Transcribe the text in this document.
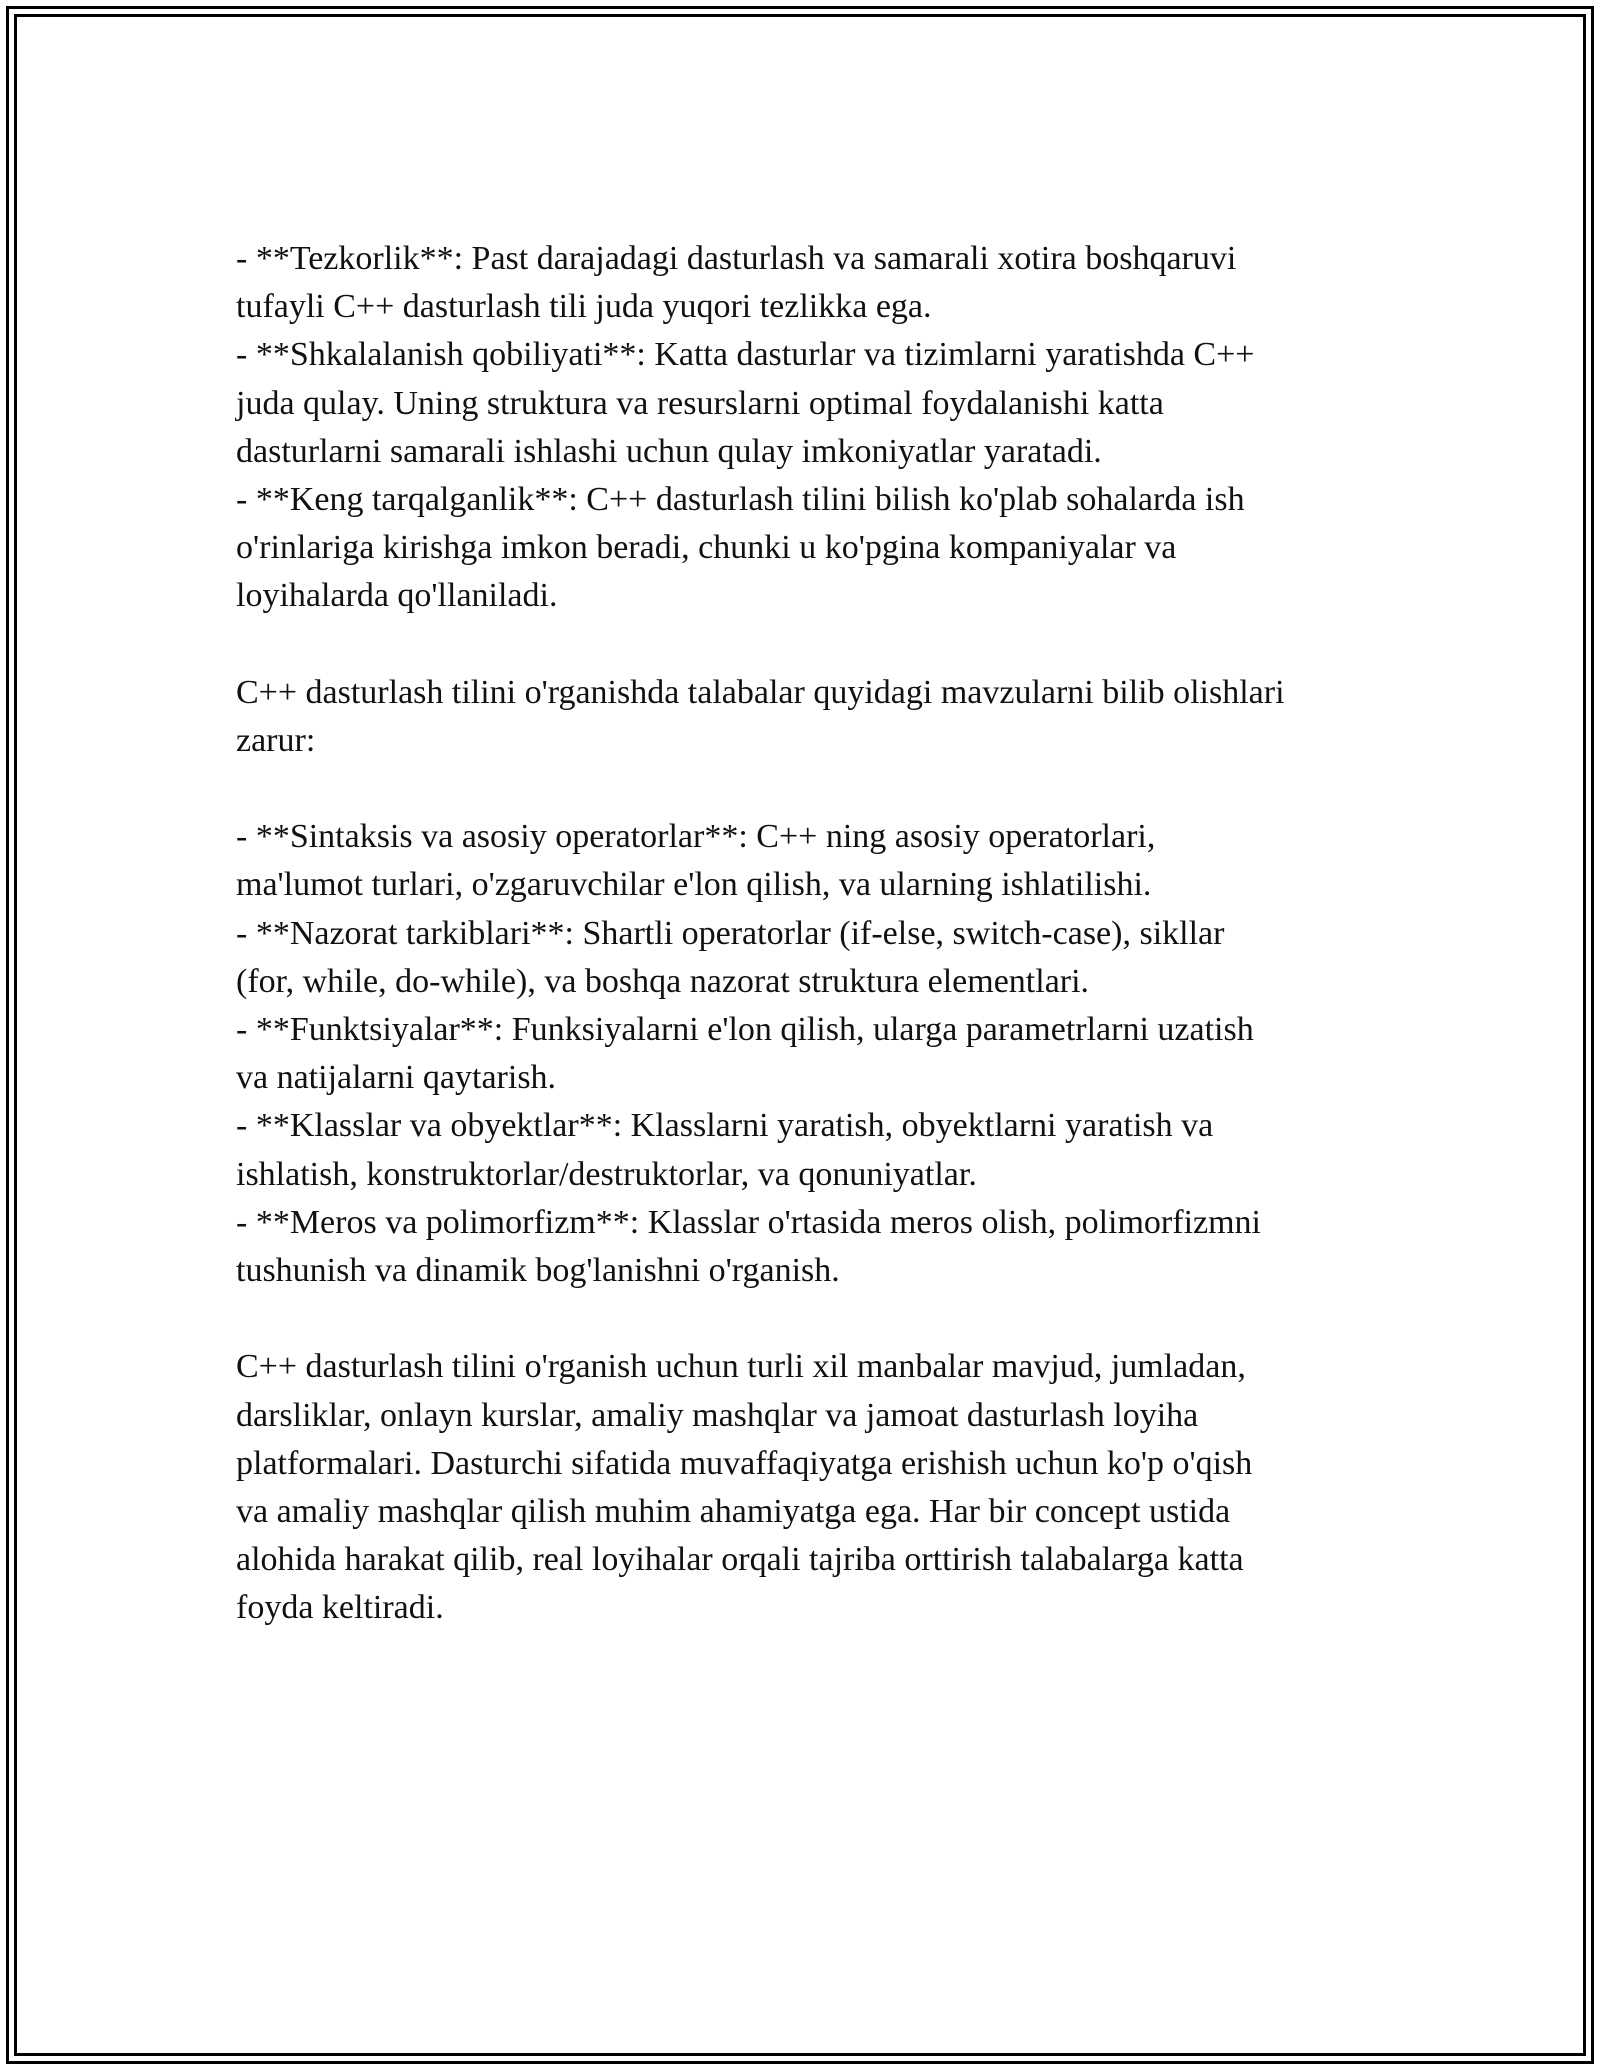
- **Tezkorlik**: Past darajadagi dasturlash va samarali xotira boshqaruvi
tufayli C++ dasturlash tili juda yuqori tezlikka ega.
- **Shkalalanish qobiliyati**: Katta dasturlar va tizimlarni yaratishda C++
juda qulay. Uning struktura va resurslarni optimal foydalanishi katta
dasturlarni samarali ishlashi uchun qulay imkoniyatlar yaratadi.
- **Keng tarqalganlik**: C++ dasturlash tilini bilish ko'plab sohalarda ish
o'rinlariga kirishga imkon beradi, chunki u ko'pgina kompaniyalar va
loyihalarda qo'llaniladi.
C++ dasturlash tilini o'rganishda talabalar quyidagi mavzularni bilib olishlari
zarur:
- **Sintaksis va asosiy operatorlar**: C++ ning asosiy operatorlari,
ma'lumot turlari, o'zgaruvchilar e'lon qilish, va ularning ishlatilishi.
- **Nazorat tarkiblari**: Shartli operatorlar (if-else, switch-case), sikllar
(for, while, do-while), va boshqa nazorat struktura elementlari.
- **Funktsiyalar**: Funksiyalarni e'lon qilish, ularga parametrlarni uzatish
va natijalarni qaytarish.
- **Klasslar va obyektlar**: Klasslarni yaratish, obyektlarni yaratish va
ishlatish, konstruktorlar/destruktorlar, va qonuniyatlar.
- **Meros va polimorfizm**: Klasslar o'rtasida meros olish, polimorfizmni
tushunish va dinamik bog'lanishni o'rganish.
C++ dasturlash tilini o'rganish uchun turli xil manbalar mavjud, jumladan,
darsliklar, onlayn kurslar, amaliy mashqlar va jamoat dasturlash loyiha
platformalari. Dasturchi sifatida muvaffaqiyatga erishish uchun ko'p o'qish
va amaliy mashqlar qilish muhim ahamiyatga ega. Har bir concept ustida
alohida harakat qilib, real loyihalar orqali tajriba orttirish talabalarga katta
foyda keltiradi.
